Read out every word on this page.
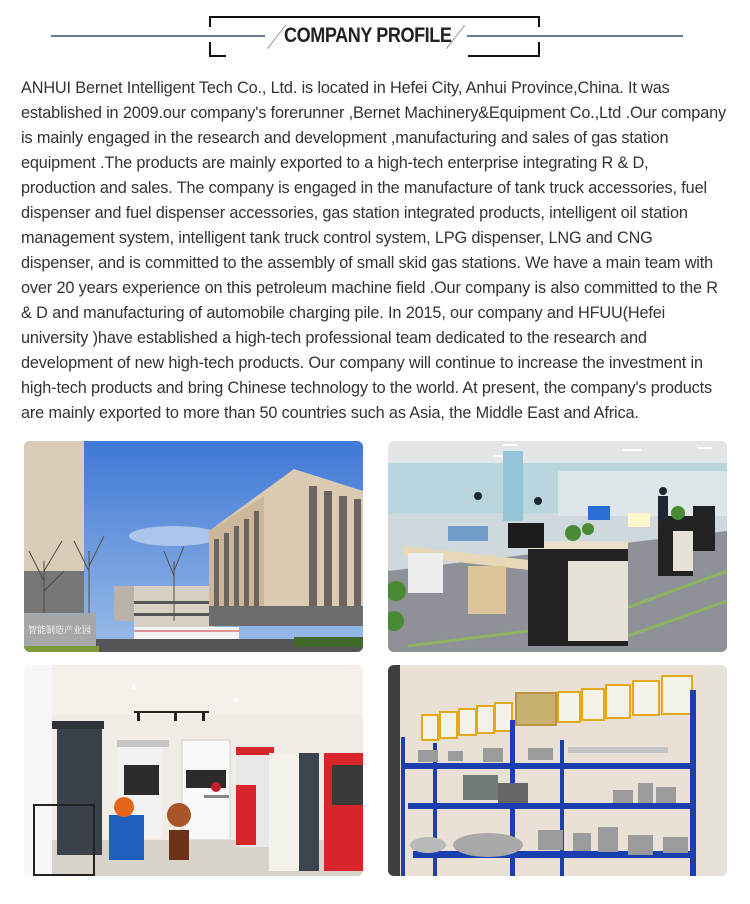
COMPANY PROFILE
ANHUI Bernet Intelligent Tech Co., Ltd. is located in Hefei City, Anhui Province,China. It was
established in 2009.our company's forerunner ,Bernet Machinery&Equipment Co.,Ltd .Our company
is mainly engaged in the research and development ,manufacturing and sales of gas station
equipment .The products are mainly exported to a high-tech enterprise integrating R & D,
production and sales. The company is engaged in the manufacture of tank truck accessories, fuel
dispenser and fuel dispenser accessories, gas station integrated products, intelligent oil station
management system, intelligent tank truck control system, LPG dispenser, LNG and CNG
dispenser, and is committed to the assembly of small skid gas stations. We have a main team with
over 20 years experience on this petroleum machine field .Our company is also committed to the R
& D and manufacturing of automobile charging pile. In 2015, our company and HFUU(Hefei
university )have established a high-tech professional team dedicated to the research and
development of new high-tech products. Our company will continue to increase the investment in
high-tech products and bring Chinese technology to the world. At present, the company's products
are mainly exported to more than 50 countries such as Asia, the Middle East and Africa.
智能制造产业园
